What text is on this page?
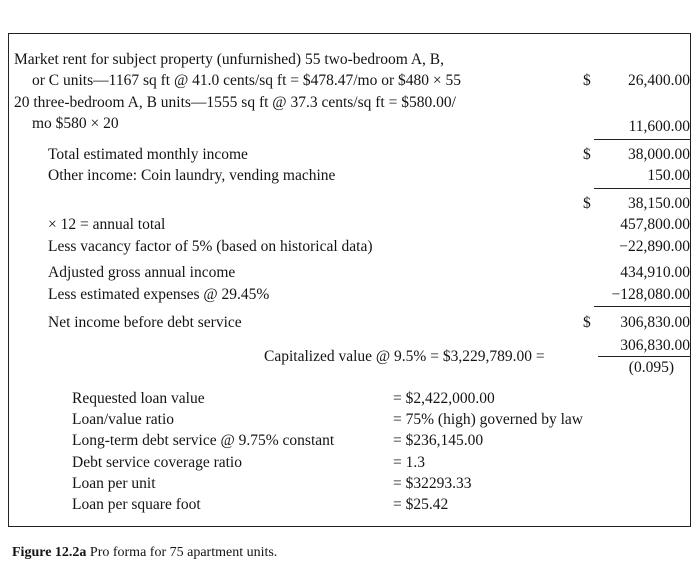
Market rent for subject property (unfurnished) 55 two-bedroom A, B,
or C units—1167 sq ft @ 41.0 cents/sq ft = $478.47/mo or $480 × 55	$ 26,400.00
20 three-bedroom A, B units—1555 sq ft @ 37.3 cents/sq ft = $580.00/
mo $580 × 20	11,600.00
Total estimated monthly income	$ 38,000.00
Other income: Coin laundry, vending machine	150.00
$ 38,150.00
× 12 = annual total	457,800.00
Less vacancy factor of 5% (based on historical data)	−22,890.00
Adjusted gross annual income	434,910.00
Less estimated expenses @ 29.45%	−128,080.00
Net income before debt service	$ 306,830.00
Capitalized value @ 9.5% = $3,229,789.00 =
306,830.00
(0.095)
Requested loan value	= $2,422,000.00
Loan/value ratio	= 75% (high) governed by law
Long-term debt service @ 9.75% constant	= $236,145.00
Debt service coverage ratio	= 1.3
Loan per unit	= $32293.33
Loan per square foot	= $25.42
Figure 12.2a Pro forma for 75 apartment units.
